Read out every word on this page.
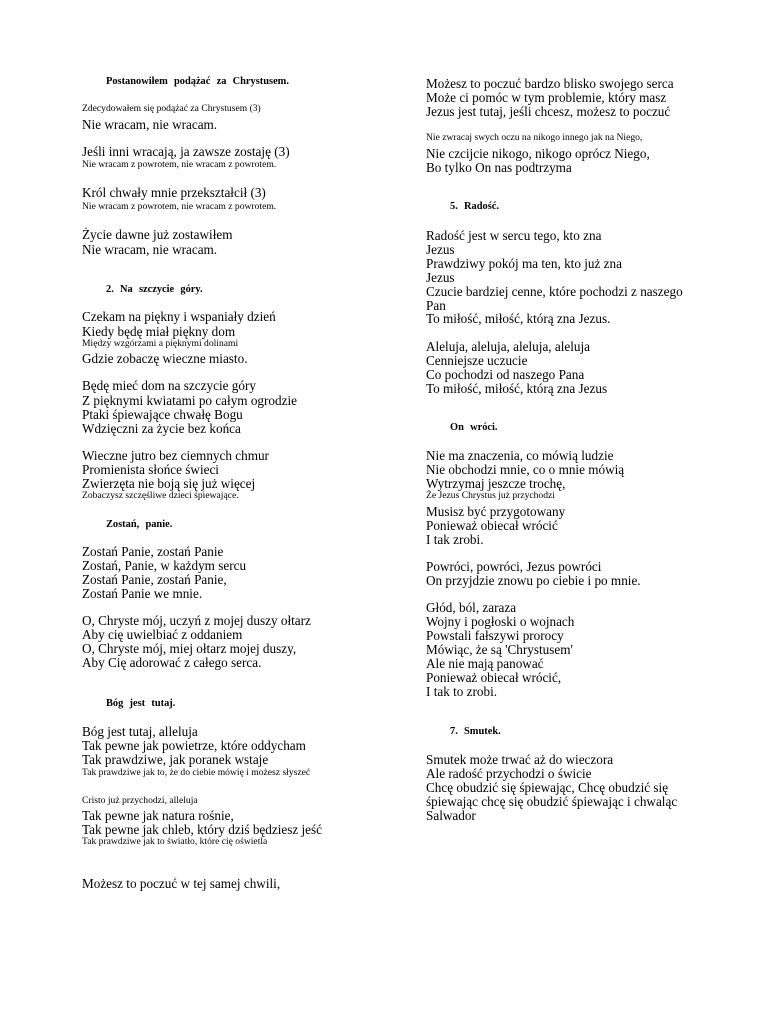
Postanowiłem podążać za Chrystusem.
Zdecydowałem się podążać za Chrystusem (3)
Nie wracam, nie wracam.
Jeśli inni wracają, ja zawsze zostaję (3)
Nie wracam z powrotem, nie wracam z powrotem.
Król chwały mnie przekształcił (3)
Nie wracam z powrotem, nie wracam z powrotem.
Życie dawne już zostawiłem
Nie wracam, nie wracam.
2. Na szczycie góry.
Czekam na piękny i wspaniały dzień
Kiedy będę miał piękny dom
Między wzgórzami a pięknymi dolinami
Gdzie zobaczę wieczne miasto.
Będę mieć dom na szczycie góry
Z pięknymi kwiatami po całym ogrodzie
Ptaki śpiewające chwałę Bogu
Wdzięczni za życie bez końca
Wieczne jutro bez ciemnych chmur
Promienista słońce świeci
Zwierzęta nie boją się już więcej
Zobaczysz szczęśliwe dzieci śpiewające.
Zostań, panie.
Zostań Panie, zostań Panie
Zostań, Panie, w każdym sercu
Zostań Panie, zostań Panie,
Zostań Panie we mnie.
O, Chryste mój, uczyń z mojej duszy ołtarz
Aby cię uwielbiać z oddaniem
O, Chryste mój, miej ołtarz mojej duszy,
Aby Cię adorować z całego serca.
Bóg jest tutaj.
Bóg jest tutaj, alleluja
Tak pewne jak powietrze, które oddycham
Tak prawdziwe, jak poranek wstaje
Tak prawdziwe jak to, że do ciebie mówię i możesz słyszeć
Cristo już przychodzi, alleluja
Tak pewne jak natura rośnie,
Tak pewne jak chleb, który dziś będziesz jeść
Tak prawdziwe jak to światło, które cię oświetla
Możesz to poczuć w tej samej chwili,
Możesz to poczuć bardzo blisko swojego serca
Może ci pomóc w tym problemie, który masz
Jezus jest tutaj, jeśli chcesz, możesz to poczuć
Nie zwracaj swych oczu na nikogo innego jak na Niego,
Nie czcijcie nikogo, nikogo oprócz Niego,
Bo tylko On nas podtrzyma
5. Radość.
Radość jest w sercu tego, kto zna
Jezus
Prawdziwy pokój ma ten, kto już zna
Jezus
Czucie bardziej cenne, które pochodzi z naszego
Pan
To miłość, miłość, którą zna Jezus.
Aleluja, aleluja, aleluja, aleluja
Cenniejsze uczucie
Co pochodzi od naszego Pana
To miłość, miłość, którą zna Jezus
On wróci.
Nie ma znaczenia, co mówią ludzie
Nie obchodzi mnie, co o mnie mówią
Wytrzymaj jeszcze trochę,
Że Jezus Chrystus już przychodzi
Musisz być przygotowany
Ponieważ obiecał wrócić
I tak zrobi.
Powróci, powróci, Jezus powróci
On przyjdzie znowu po ciebie i po mnie.
Głód, ból, zaraza
Wojny i pogłoski o wojnach
Powstali fałszywi prorocy
Mówiąc, że są 'Chrystusem'
Ale nie mają panować
Ponieważ obiecał wrócić,
I tak to zrobi.
7. Smutek.
Smutek może trwać aż do wieczora
Ale radość przychodzi o świcie
Chcę obudzić się śpiewając, Chcę obudzić się
śpiewając chcę się obudzić śpiewając i chwaląc
Salwador
